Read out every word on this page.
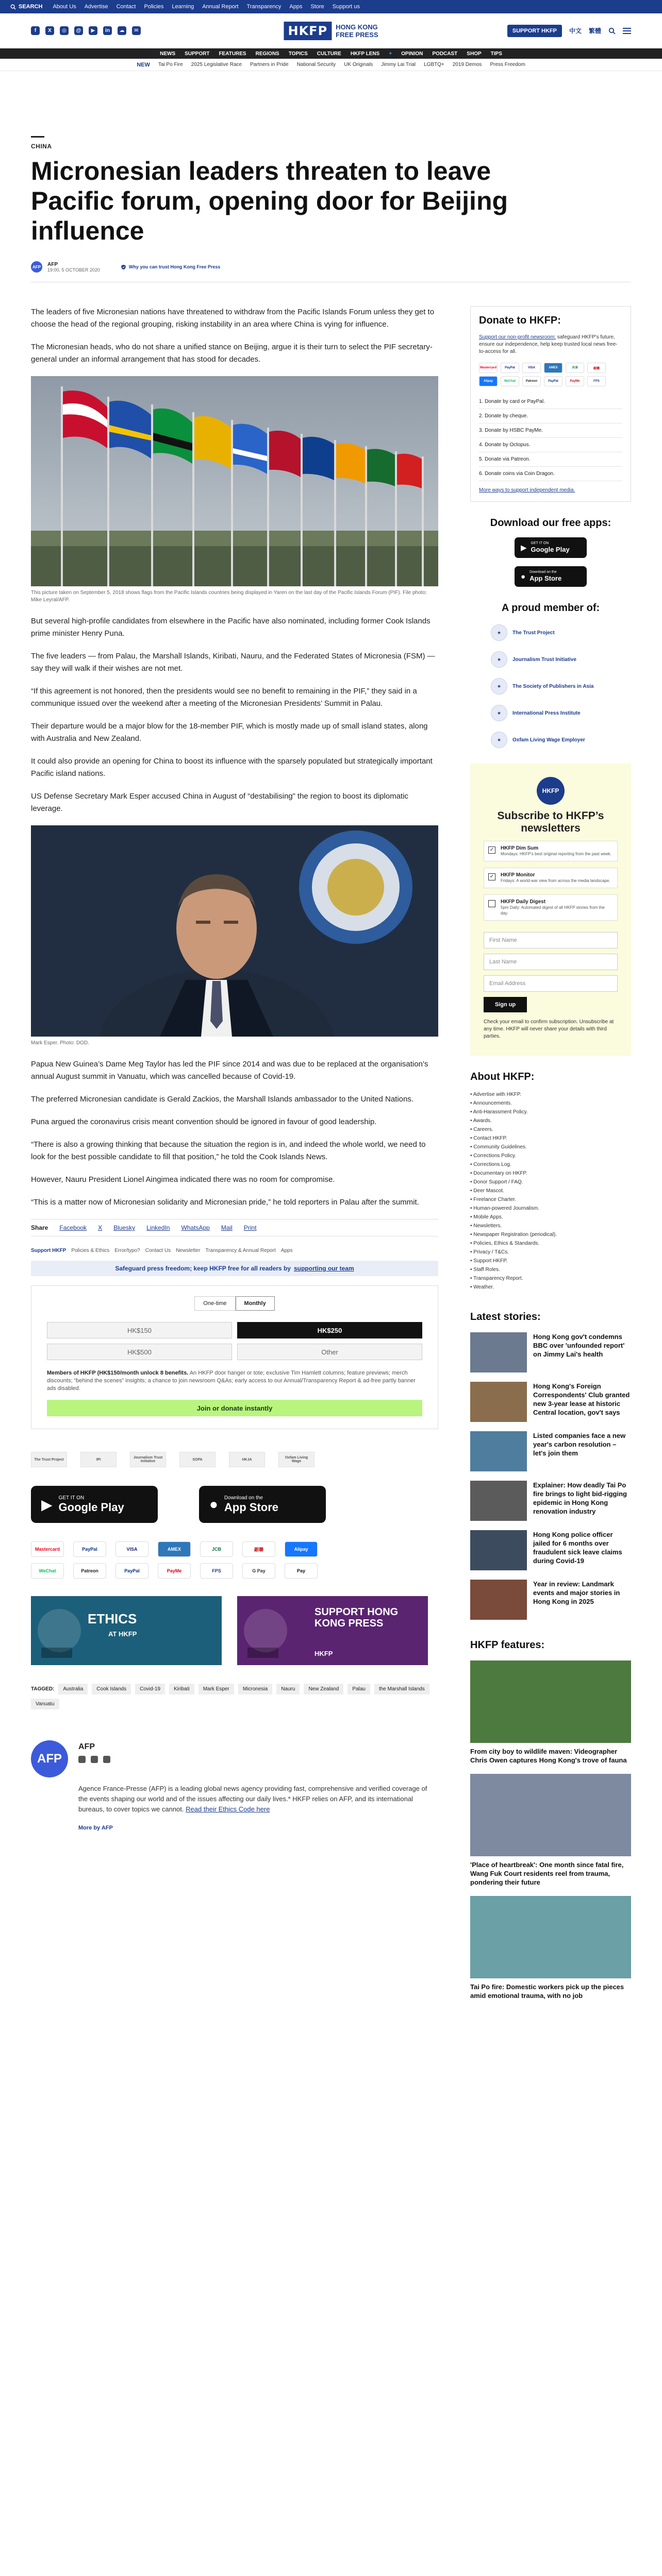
SEARCH About Us Advertise Contact Policies Learning Annual Report Transparency Apps Store Support us
f	X	◎	@	▶	in	☁	✉	HKFP	HONG KONG
FREE PRESS	SUPPORT HKFP	中文 繁體
NEWS SUPPORT FEATURES REGIONS TOPICS CULTURE HKFP LENS + OPINION PODCAST SHOP TIPS
NEW Tai Po Fire 2025 Legislative Race Partners in Pride National Security UK Originals Jimmy Lai Trial LGBTQ+ 2019 Demos Press Freedom
CHINA
Micronesian leaders threaten to leave Pacific forum, opening door for Beijing influence
AFP	AFP
19:00, 5 OCTOBER 2020
Why you can trust Hong Kong Free Press

The leaders of five Micronesian nations have threatened to withdraw from the Pacific Islands Forum unless they get to choose the head of the regional grouping, risking instability in an area where China is vying for influence.

The Micronesian heads, who do not share a unified stance on Beijing, argue it is their turn to select the PIF secretary-general under an informal arrangement that has stood for decades.

This picture taken on September 5, 2018 shows flags from the Pacific Islands countries being displayed in Yaren on the last day of the Pacific Islands Forum (PIF). File photo: Mike Leyral/AFP.

But several high-profile candidates from elsewhere in the Pacific have also nominated, including former Cook Islands prime minister Henry Puna.

The five leaders — from Palau, the Marshall Islands, Kiribati, Nauru, and the Federated States of Micronesia (FSM) — say they will walk if their wishes are not met.

“If this agreement is not honored, then the presidents would see no benefit to remaining in the PIF,” they said in a communique issued over the weekend after a meeting of the Micronesian Presidents’ Summit in Palau.

Their departure would be a major blow for the 18-member PIF, which is mostly made up of small island states, along with Australia and New Zealand.

It could also provide an opening for China to boost its influence with the sparsely populated but strategically important Pacific island nations.

US Defense Secretary Mark Esper accused China in August of “destabilising” the region to boost its diplomatic leverage.

Mark Esper. Photo: DOD.

Papua New Guinea’s Dame Meg Taylor has led the PIF since 2014 and was due to be replaced at the organisation’s annual August summit in Vanuatu, which was cancelled because of Covid-19.

The preferred Micronesian candidate is Gerald Zackios, the Marshall Islands ambassador to the United Nations.

Puna argued the coronavirus crisis meant convention should be ignored in favour of good leadership.

“There is also a growing thinking that because the situation the region is in, and indeed the whole world, we need to look for the best possible candidate to fill that position,” he told the Cook Islands News.

However, Nauru President Lionel Aingimea indicated there was no room for compromise.

“This is a matter now of Micronesian solidarity and Micronesian pride,” he told reporters in Palau after the summit.

Share Facebook X Bluesky LinkedIn WhatsApp Mail Print
Support HKFP Policies & Ethics Error/typo? Contact Us Newsletter Transparency & Annual Report Apps
Safeguard press freedom; keep HKFP free for all readers by supporting our team
One-time	Monthly
HK$150	HK$250
HK$500	Other
Members of HKFP (HK$150/month unlock 8 benefits. An HKFP door hanger or tote; exclusive Tim Hamlett columns; feature previews; merch discounts; “behind the scenes” insights; a chance to join newsroom Q&As; early access to our Annual/Transparency Report & ad-free partly banner ads disabled.
Join or donate instantly
The Trust Project	IPI	Journalism Trust Initiative	SOPA	HKJA	Oxfam Living Wage
▶ GET IT ON
Google Play	● Download on the
App Store
Mastercard	PayPal	VISA	AMEX	JCB	銀聯	Alipay
WeChat	Patreon	PayPal	PayMe	FPS	G Pay	Pay
ETHICS
AT HKFP
SUPPORT HONG KONG PRESS
HKFP
TAGGED:	Australia	Cook Islands	Covid-19	Kiribati	Mark Esper	Micronesia	Nauru	New Zealand	Palau	the Marshall Islands
Vanuatu
AFP
AFP

Agence France-Presse (AFP) is a leading global news agency providing fast, comprehensive and verified coverage of the events shaping our world and of the issues affecting our daily lives.* HKFP relies on AFP, and its international bureaus, to cover topics we cannot. Read their Ethics Code here

More by AFP
Donate to HKFP:
Support our non-profit newsroom: safeguard HKFP's future, ensure our independence, help keep trusted local news free-to-access for all.
Mastercard	PayPal	VISA	AMEX	JCB	銀聯
Alipay	WeChat	Patreon	PayPal	PayMe	FPS
1. Donate by card or PayPal.
2. Donate by cheque.
3. Donate by HSBC PayMe.
4. Donate by Octopus.
5. Donate via Patreon.
6. Donate coins via Coin Dragon.
More ways to support independent media.
Download our free apps:
▶
GET IT ON
Google Play
● Download on the
App Store
A proud member of:
★	The Trust Project
★	Journalism Trust Initiative
★	The Society of Publishers in Asia
★	International Press Institute
★	Oxfam Living Wage Employer
HKFP
Subscribe to HKFP’s newsletters
✓ HKFP Dim Sum
Mondays: HKFP's best original reporting from the past week.
✓ HKFP Monitor
Fridays: A world-war view from across the media landscape.
HKFP Daily Digest
5pm Daily: Automated digest of all HKFP stories from the day.
First Name
Last Name
Email Address
Sign up
Check your email to confirm subscription. Unsubscribe at any time. HKFP will never share your details with third parties.
About HKFP:
• Advertise with HKFP.
• Announcements.
• Anti-Harassment Policy.
• Awards.
• Careers.
• Contact HKFP.
• Community Guidelines.
• Corrections Policy.
• Corrections Log.
• Documentary on HKFP.
• Donor Support / FAQ.
• Deer Mascot.
• Freelance Charter.
• Human-powered Journalism.
• Mobile Apps.
• Newsletters.
• Newspaper Registration (periodical).
• Policies, Ethics & Standards.
• Privacy / T&Cs.
• Support HKFP.
• Staff Roles.
• Transparency Report.
• Weather.
Latest stories:
Hong Kong gov't condemns BBC over 'unfounded report' on Jimmy Lai's health
Hong Kong's Foreign Correspondents' Club granted new 3-year lease at historic Central location, gov't says
Listed companies face a new year's carbon resolution – let's join them
Explainer: How deadly Tai Po fire brings to light bid-rigging epidemic in Hong Kong renovation industry
Hong Kong police officer jailed for 6 months over fraudulent sick leave claims during Covid-19
Year in review: Landmark events and major stories in Hong Kong in 2025
HKFP features:
From city boy to wildlife maven: Videographer Chris Owen captures Hong Kong's trove of fauna
'Place of heartbreak': One month since fatal fire, Wang Fuk Court residents reel from trauma, pondering their future
Tai Po fire: Domestic workers pick up the pieces amid emotional trauma, with no job
